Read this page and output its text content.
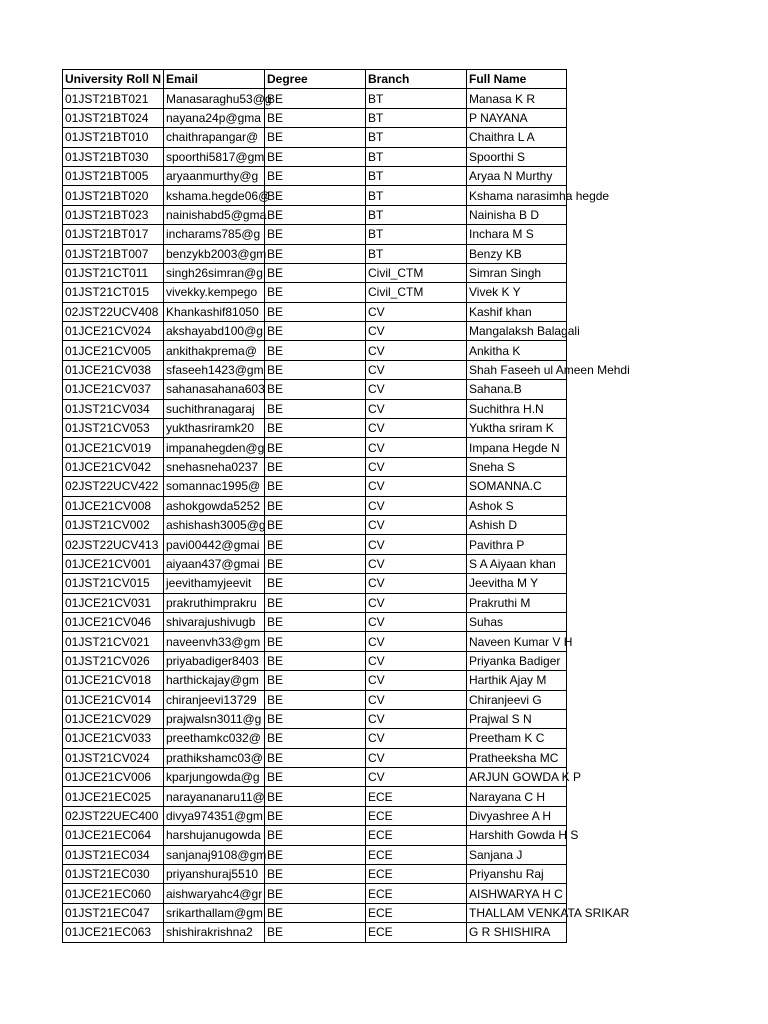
University Roll N	Email	Degree	Branch	Full Name
01JST21BT021	Manasaraghu53@g	BE	BT	Manasa K R
01JST21BT024	nayana24p@gma	BE	BT	P NAYANA
01JST21BT010	chaithrapangar@	BE	BT	Chaithra L A
01JST21BT030	spoorthi5817@gm	BE	BT	Spoorthi S
01JST21BT005	aryaanmurthy@g	BE	BT	Aryaa N Murthy
01JST21BT020	kshama.hegde06@	BE	BT	Kshama narasimha hegde
01JST21BT023	nainishabd5@gma	BE	BT	Nainisha B D
01JST21BT017	incharams785@g	BE	BT	Inchara M S
01JST21BT007	benzykb2003@gm	BE	BT	Benzy KB
01JST21CT011	singh26simran@g	BE	Civil_CTM	Simran Singh
01JST21CT015	vivekky.kempego	BE	Civil_CTM	Vivek K Y
02JST22UCV408	Khankashif81050	BE	CV	Kashif khan
01JCE21CV024	akshayabd100@g	BE	CV	Mangalaksh Balagali
01JCE21CV005	ankithakprema@	BE	CV	Ankitha K
01JCE21CV038	sfaseeh1423@gm	BE	CV	Shah Faseeh ul Ameen Mehdi
01JCE21CV037	sahanasahana603	BE	CV	Sahana.B
01JST21CV034	suchithranagaraj	BE	CV	Suchithra H.N
01JST21CV053	yukthasriramk20	BE	CV	Yuktha sriram K
01JCE21CV019	impanahegden@g	BE	CV	Impana Hegde N
01JCE21CV042	snehasneha0237	BE	CV	Sneha S
02JST22UCV422	somannac1995@	BE	CV	SOMANNA.C
01JCE21CV008	ashokgowda5252	BE	CV	Ashok S
01JST21CV002	ashishash3005@g	BE	CV	Ashish D
02JST22UCV413	pavi00442@gmai	BE	CV	Pavithra P
01JCE21CV001	aiyaan437@gmai	BE	CV	S A Aiyaan khan
01JST21CV015	jeevithamyjeevit	BE	CV	Jeevitha M Y
01JCE21CV031	prakruthimprakru	BE	CV	Prakruthi M
01JCE21CV046	shivarajushivugb	BE	CV	Suhas
01JST21CV021	naveenvh33@gm	BE	CV	Naveen Kumar V H
01JST21CV026	priyabadiger8403	BE	CV	Priyanka Badiger
01JCE21CV018	harthickajay@gm	BE	CV	Harthik Ajay M
01JCE21CV014	chiranjeevi13729	BE	CV	Chiranjeevi G
01JCE21CV029	prajwalsn3011@g	BE	CV	Prajwal S N
01JCE21CV033	preethamkc032@	BE	CV	Preetham K C
01JST21CV024	prathikshamc03@	BE	CV	Pratheeksha MC
01JCE21CV006	kparjungowda@g	BE	CV	ARJUN GOWDA K P
01JCE21EC025	narayananaru11@	BE	ECE	Narayana C H
02JST22UEC400	divya974351@gm	BE	ECE	Divyashree A H
01JCE21EC064	harshujanugowda	BE	ECE	Harshith Gowda H S
01JST21EC034	sanjanaj9108@gm	BE	ECE	Sanjana J
01JST21EC030	priyanshuraj5510	BE	ECE	Priyanshu Raj
01JCE21EC060	aishwaryahc4@gr	BE	ECE	AISHWARYA H C
01JST21EC047	srikarthallam@gm	BE	ECE	THALLAM VENKATA SRIKAR
01JCE21EC063	shishirakrishna2	BE	ECE	G R SHISHIRA
